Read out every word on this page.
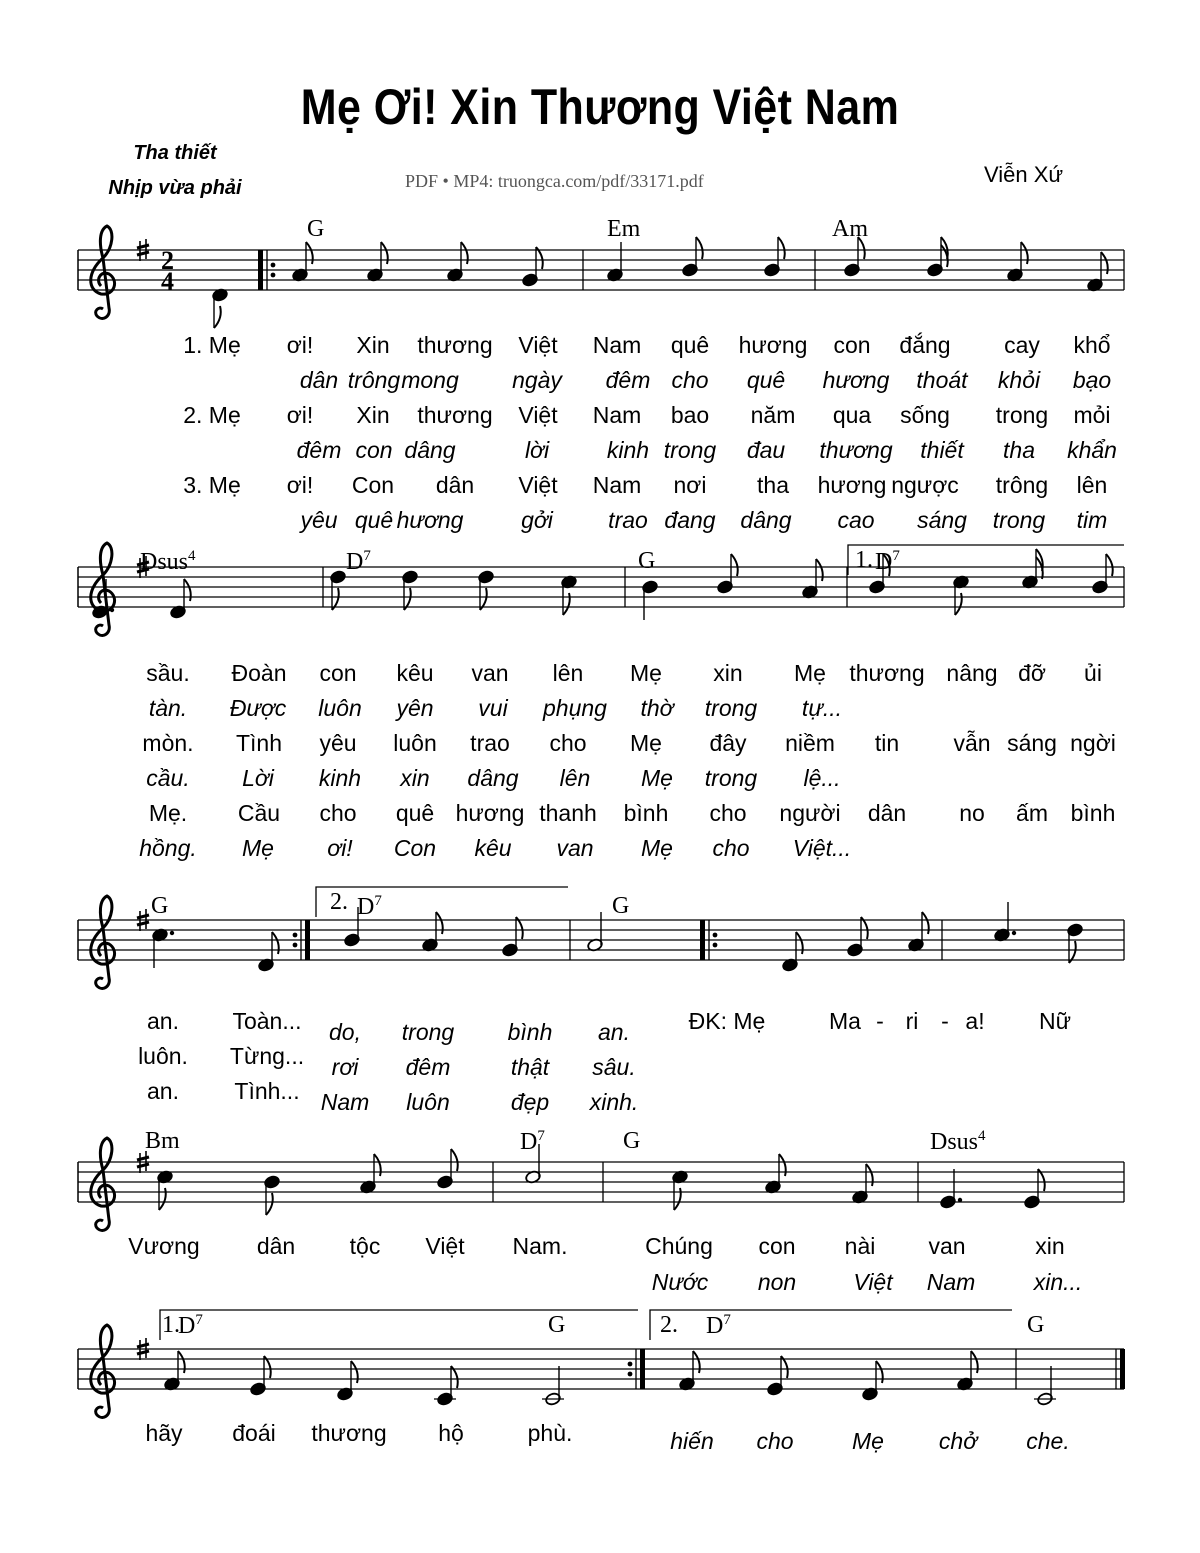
Mẹ Ơi! Xin Thương Việt Nam
Tha thiết
Nhịp vừa phải	PDF • MP4: truongca.com/pdf/33171.pdf	Viễn Xứ
2
4
1.
2.
1.	2.
G	Em	Am
Dsus$^4$	$D^7$	G	$D^7$
G	$D^7$	G
Bm	$D^7$	G	Dsus$^4$
$D^7$	G	$D^7$	G
1. Mẹ ơi! Xin thương Việt Nam quê hương con đắng cay khổ
dân trông mong ngày đêm cho quê hương thoát khỏi bạo
2. Mẹ ơi! Xin thương Việt Nam bao năm qua sống trong mỏi
đêm con dâng	lời	kinh trong đau thương thiết tha khẩn
3. Mẹ ơi! Con dân Việt Nam nơi tha hương ngược trông lên
yêu quê hương	gởi trao đang dâng cao sáng trong tim
sầu. Đoàn con kêu van lên Mẹ xin Mẹ thương nâng đỡ ủi
tàn. Được luôn yên vui phụng thờ trong tự...
mòn. Tình yêu luôn trao cho Mẹ đây niềm tin vẫn sáng ngời
cầu. Lời kinh xin dâng lên Mẹ trong lệ...
Mẹ. Cầu cho quê hương thanh bình cho người dân no ấm bình
hồng. Mẹ ơi! Con kêu van Mẹ cho Việt...
an. Toàn...
luôn. Từng...
an. Tình...
do, trong bình an.
rơi đêm	thật sâu.
Nam luôn	đẹp xinh.
ĐK: Mẹ	Ma - ri - a! Nữ
Vương dân tộc Việt Nam.	Chúng con nài van	xin
Nước non Việt Nam	xin...
hãy đoái thương hộ	phù.	hiến cho	Mẹ chở che.
